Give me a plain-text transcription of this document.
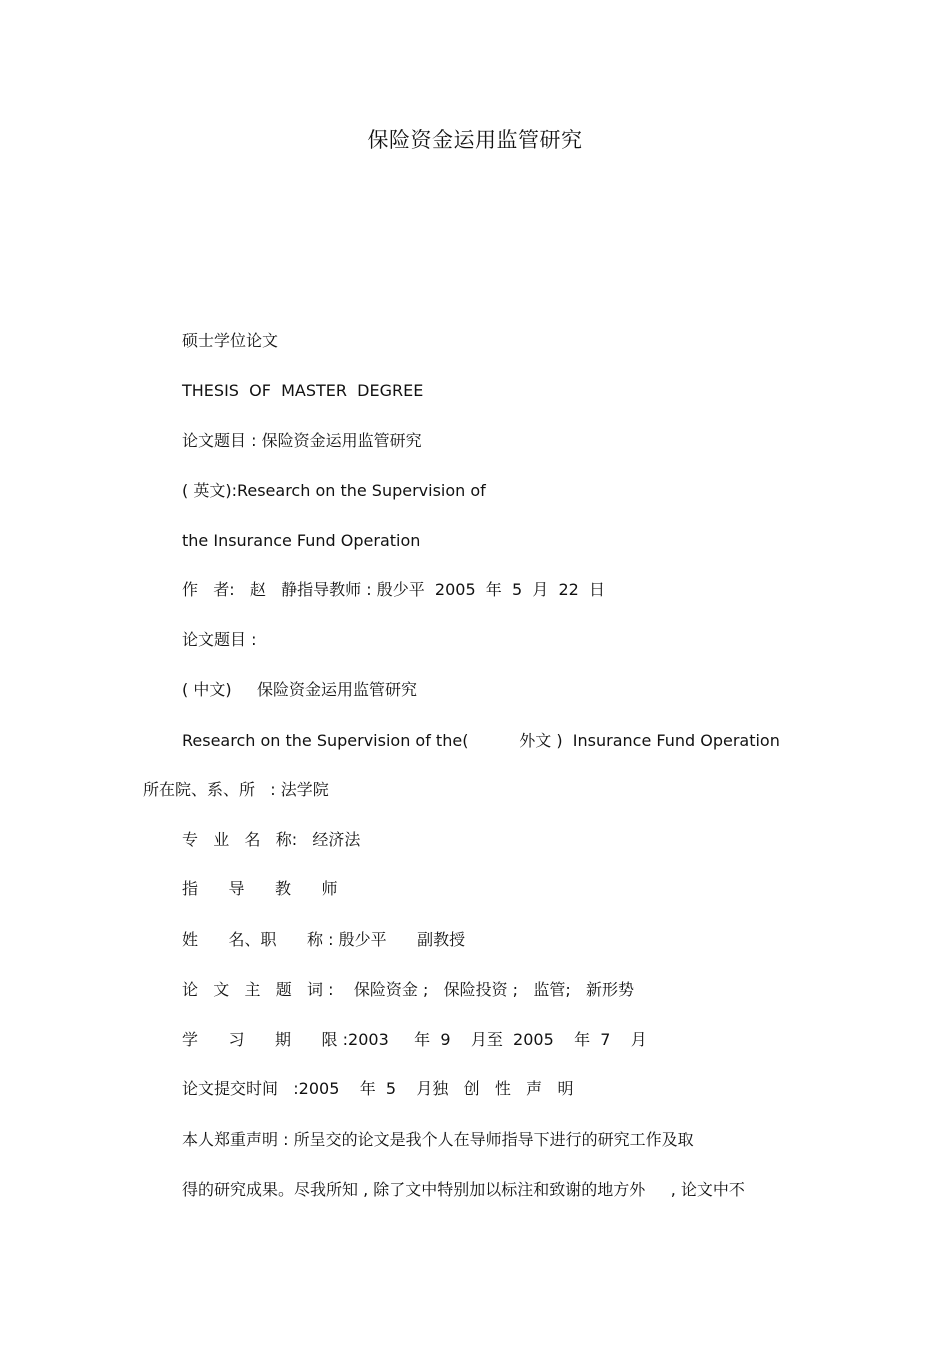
保险资金运用监管研究
硕士学位论文
THESIS  OF  MASTER  DEGREE
论文题目 : 保险资金运用监管研究
( 英文):Research on the Supervision of
the Insurance Fund Operation
作   者:   赵   静指导教师 : 殷少平  2005  年  5  月  22  日
论文题目 :
( 中文)     保险资金运用监管研究
Research on the Supervision of the(          外文 )  Insurance Fund Operation
所在院、系、所   : 法学院
专   业   名   称:   经济法
指      导      教      师
姓      名、职      称 : 殷少平      副教授
论   文   主   题   词 :    保险资金 ;   保险投资 ;   监管;   新形势
学      习      期      限 :2003     年  9    月至  2005    年  7    月
论文提交时间   :2005    年  5    月独   创   性   声   明
本人郑重声明 : 所呈交的论文是我个人在导师指导下进行的研究工作及取
得的研究成果。尽我所知 , 除了文中特别加以标注和致谢的地方外     , 论文中不
